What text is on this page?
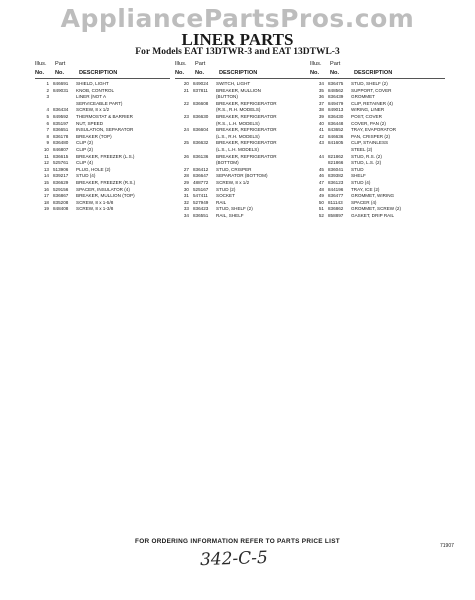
AppliancePartsPros.com
LINER PARTS
For Models EAT 13DTWR-3 and EAT 13DTWL-3
Illus.	Part
No.	No.	DESCRIPTION
1 846691	SHIELD, LIGHT
2 849031	KNOB, CONTROL
3	LINER (NOT A
SERVICEABLE PART)
4 836434	SCREW, 8 x 1/2
5 849592	THERMOSTAT & BARRIER
6 835197	NUT, SPEED
7 836651	INSULATION, SEPARATOR
8 836178	BREAKER (TOP)
9 836480	CLIP (2)
10 846807	CLIP (2)
11 836615	BREAKER, FREEZER (L.S.)
12 525761	CLIP (4)
13 513906	PLUG, HOLE (2)
14 839217	STUD (4)
15 836629	BREAKER, FREEZER (R.S.)
16 529156	SPACER, INSULATOR (4)
17 836867	BREAKER, MULLION (TOP)
18 835208	SCREW, 8 x 1-5/8
19 848408	SCREW, 8 x 1-3/8
Illus.	Part
No.	No.	DESCRIPTION
20 849024	SWITCH, LIGHT
21 837811	BREAKER, MULLION
(BUTTON)
22 836608	BREAKER, REFRIGERATOR
(R.S., R.H. MODELS)
23 836630	BREAKER, REFRIGERATOR
(R.S., L.H. MODELS)
24 836604	BREAKER, REFRIGERATOR
(L.S., R.H. MODELS)
25 836632	BREAKER, REFRIGERATOR
(L.S., L.H. MODELS)
26 836136	BREAKER, REFRIGERATOR
(BOTTOM)
27 836412	STUD, CRISPER
28 836647	SEPARATOR (BOTTOM)
29 488772	SCREW, 8 x 1/2
30 525167	STUD (2)
31 547411	SOCKET
32 527949	RAIL
33 836423	STUD, SHELF (2)
34 836551	RAIL, SHELF
Illus.	Part
No.	No.	DESCRIPTION
34 836475	STUD, SHELF (2)
35 848562	SUPPORT, COVER
36 836439	GROMMET
37 849479	CLIP, RETAINER (4)
38 849013	WIRING, LINER
39 836430	POST, COVER
40 836448	COVER, PAN (2)
41 843652	TRAY, EVAPORATOR
42 846636	PAN, CRISPER (2)
43 841605	CLIP, STAINLESS
STEEL (2)
44 821862	STUD, R.S. (2)
821866	STUD, L.S. (2)
45 836041	STUD
46 839382	SHELF
47 836123	STUD (4)
48 844196	TRAY, ICE (2)
49 836477	GROMMET, WIRING
50 811143	SPACER (4)
51 836862	GROMMET, SCREW (2)
52 858897	GASKET, DRIP RAIL
FOR ORDERING INFORMATION REFER TO PARTS PRICE LIST
71907
342-C-5
